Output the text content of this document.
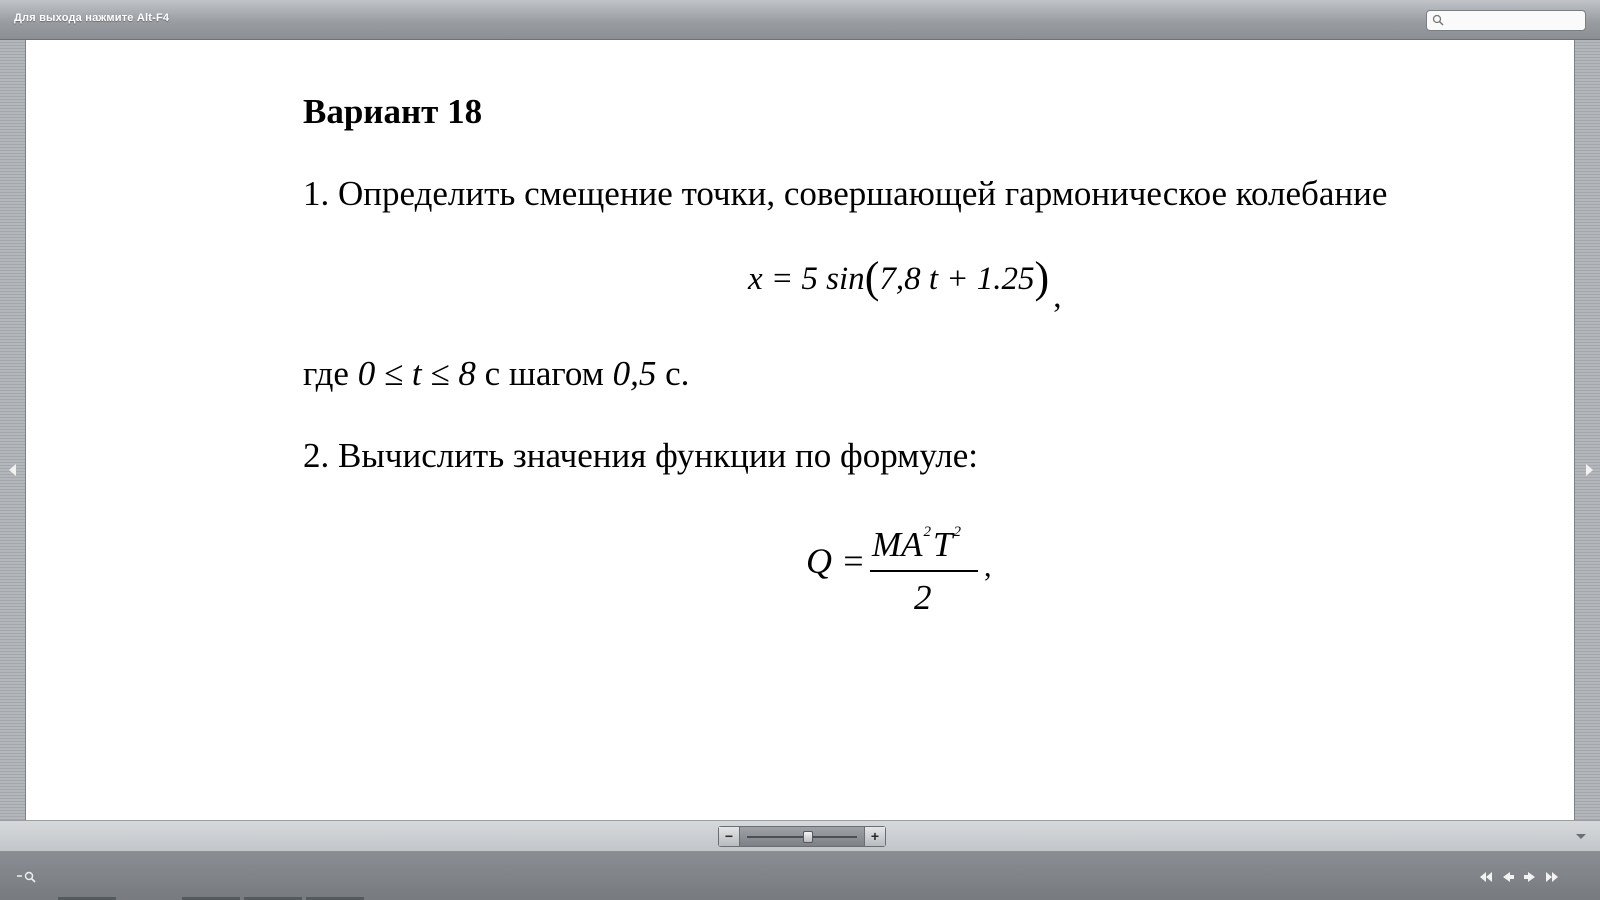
Для выхода нажмите Alt-F4
Вариант 18
1. Определить смещение точки, совершающей гармоническое колебание
x = 5 sin(7,8 t + 1.25) ,
где 0 ≤ t ≤ 8 с шагом 0,5 с.
2. Вычислить значения функции по формуле:
$Q = MA^2T^2$
2
,
−	+
